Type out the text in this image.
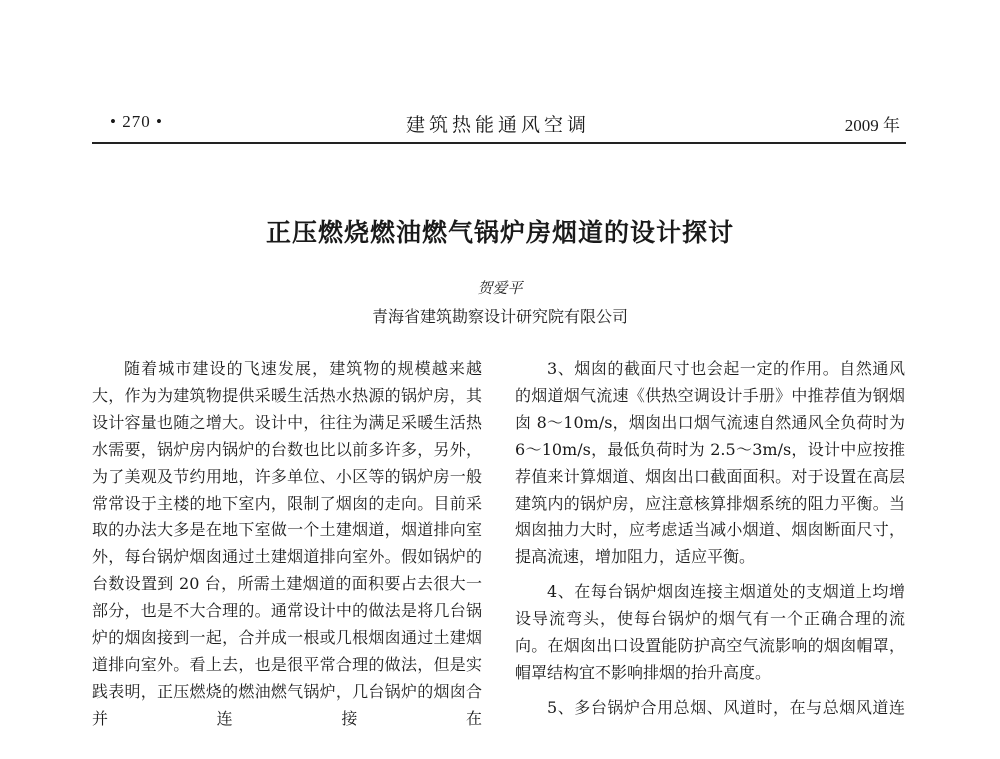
• 270 •	建筑热能通风空调	2009 年
正压燃烧燃油燃气锅炉房烟道的设计探讨
贺爱平
青海省建筑勘察设计研究院有限公司

随着城市建设的飞速发展，建筑物的规模越来越大，作为为建筑物提供采暖生活热水热源的锅炉房，其设计容量也随之增大。设计中，往往为满足采暖生活热水需要，锅炉房内锅炉的台数也比以前多许多，另外，为了美观及节约用地，许多单位、小区等的锅炉房一般常常设于主楼的地下室内，限制了烟囱的走向。目前采取的办法大多是在地下室做一个土建烟道，烟道排向室外，每台锅炉烟囱通过土建烟道排向室外。假如锅炉的台数设置到 20 台，所需土建烟道的面积要占去很大一部分，也是不大合理的。通常设计中的做法是将几台锅炉的烟囱接到一起，合并成一根或几根烟囱通过土建烟道排向室外。看上去，也是很平常合理的做法，但是实践表明，正压燃烧的燃油燃气锅炉，几台锅炉的烟囱合并连接在

3、烟囱的截面尺寸也会起一定的作用。自然通风的烟道烟气流速《供热空调设计手册》中推荐值为钢烟囱 8～10m/s，烟囱出口烟气流速自然通风全负荷时为 6～10m/s，最低负荷时为 2.5～3m/s，设计中应按推荐值来计算烟道、烟囱出口截面面积。对于设置在高层建筑内的锅炉房，应注意核算排烟系统的阻力平衡。当烟囱抽力大时，应考虑适当减小烟道、烟囱断面尺寸，提高流速，增加阻力，适应平衡。

4、在每台锅炉烟囱连接主烟道处的支烟道上均增设导流弯头，使每台锅炉的烟气有一个正确合理的流向。在烟囱出口设置能防护高空气流影响的烟囱帽罩，帽罩结构宜不影响排烟的抬升高度。

5、多台锅炉合用总烟、风道时，在与总烟风道连
